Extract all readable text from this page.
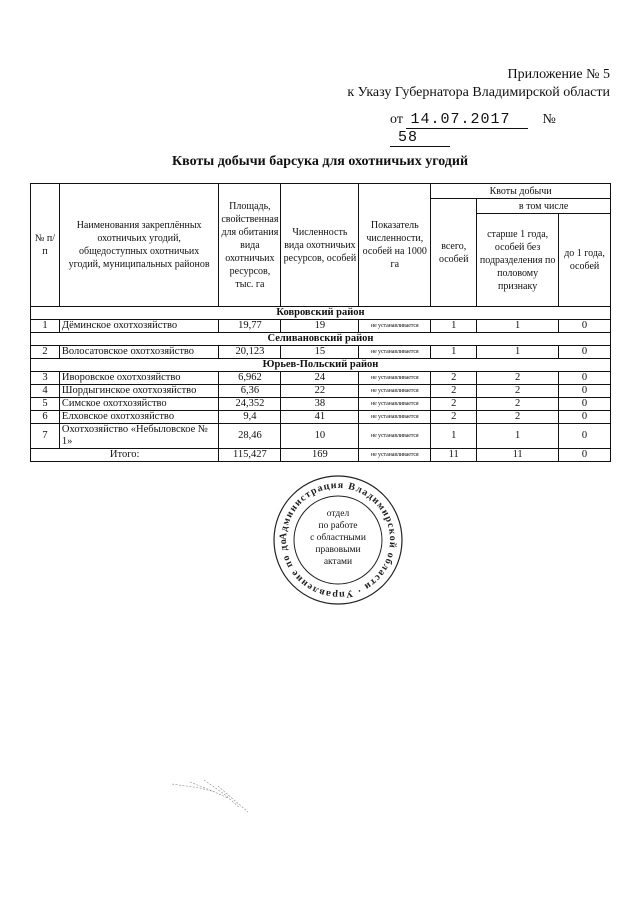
Приложение № 5
к Указу Губернатора Владимирской области
от 14.07.2017 № 58
Квоты добычи барсука для охотничьих угодий
№ п/п	Наименования закреплённых охотничьих угодий, общедоступных охотничьих угодий, муниципальных районов	Площадь, свойственная для обитания вида охотничьих ресурсов, тыс. га	Численность вида охотничьих ресурсов, особей	Показатель численности, особей на 1000 га	Квоты добычи		
					всего, особей	в том числе	
						старше 1 года, особей без подразделения по половому признаку	до 1 года, особей
Ковровский район							
1	Дёминское охотхозяйство	19,77	19	не устанавливается	1	1	0
Селивановский район							
2	Волосатовское охотхозяйство	20,123	15	не устанавливается	1	1	0
Юрьев-Польский район							
3	Иворовское охотхозяйство	6,962	24	не устанавливается	2	2	0
4	Шордыгинское охотхозяйство	6,36	22	не устанавливается	2	2	0
5	Симское охотхозяйство	24,352	38	не устанавливается	2	2	0
6	Елховское охотхозяйство	9,4	41	не устанавливается	2	2	0
7	Охотхозяйство «Небыловское № 1»	28,46	10	не устанавливается	1	1	0
Итого:		115,427	169	не устанавливается	11	11	0
Администрация Владимирской области · Управление по до
отдел
по работе
с областными
правовыми
актами
